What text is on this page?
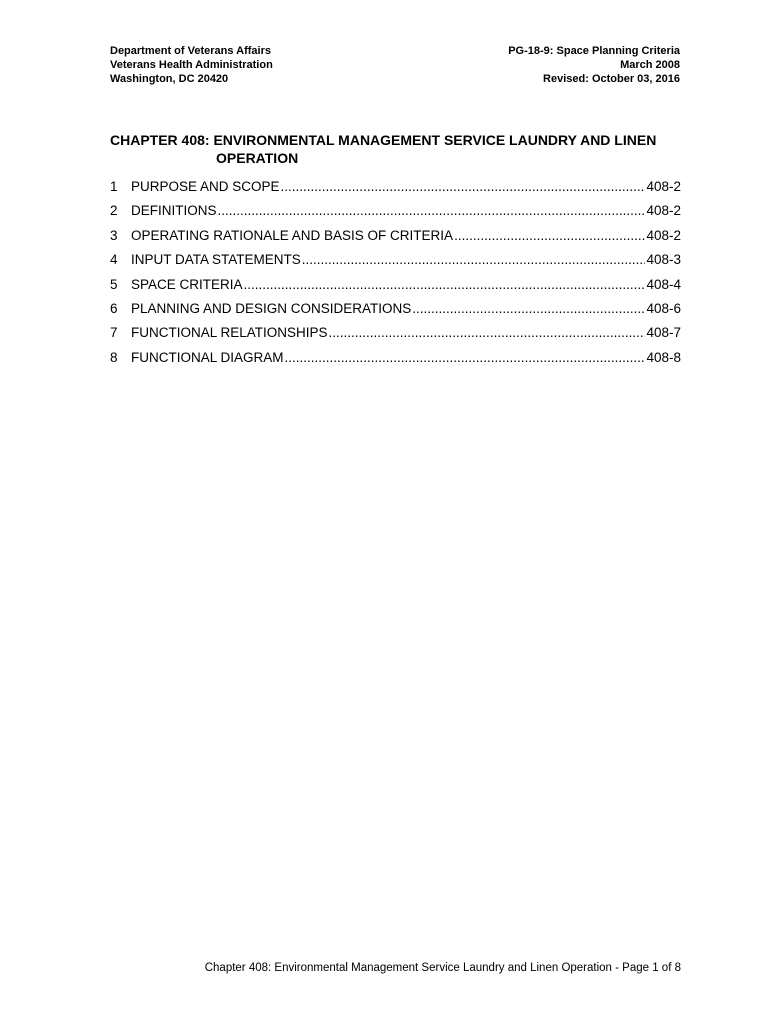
Department of Veterans Affairs
Veterans Health Administration
Washington, DC 20420
PG-18-9: Space Planning Criteria
March 2008
Revised: October 03, 2016
CHAPTER 408: ENVIRONMENTAL MANAGEMENT SERVICE LAUNDRY AND LINEN
OPERATION
1 PURPOSE AND SCOPE .....	408-2
2 DEFINITIONS .....	408-2
3 OPERATING RATIONALE AND BASIS OF CRITERIA .....	408-2
4 INPUT DATA STATEMENTS .....	408-3
5 SPACE CRITERIA .....	408-4
6 PLANNING AND DESIGN CONSIDERATIONS .....	408-6
7 FUNCTIONAL RELATIONSHIPS .....	408-7
8 FUNCTIONAL DIAGRAM .....	408-8
Chapter 408: Environmental Management Service Laundry and Linen Operation - Page 1 of 8
